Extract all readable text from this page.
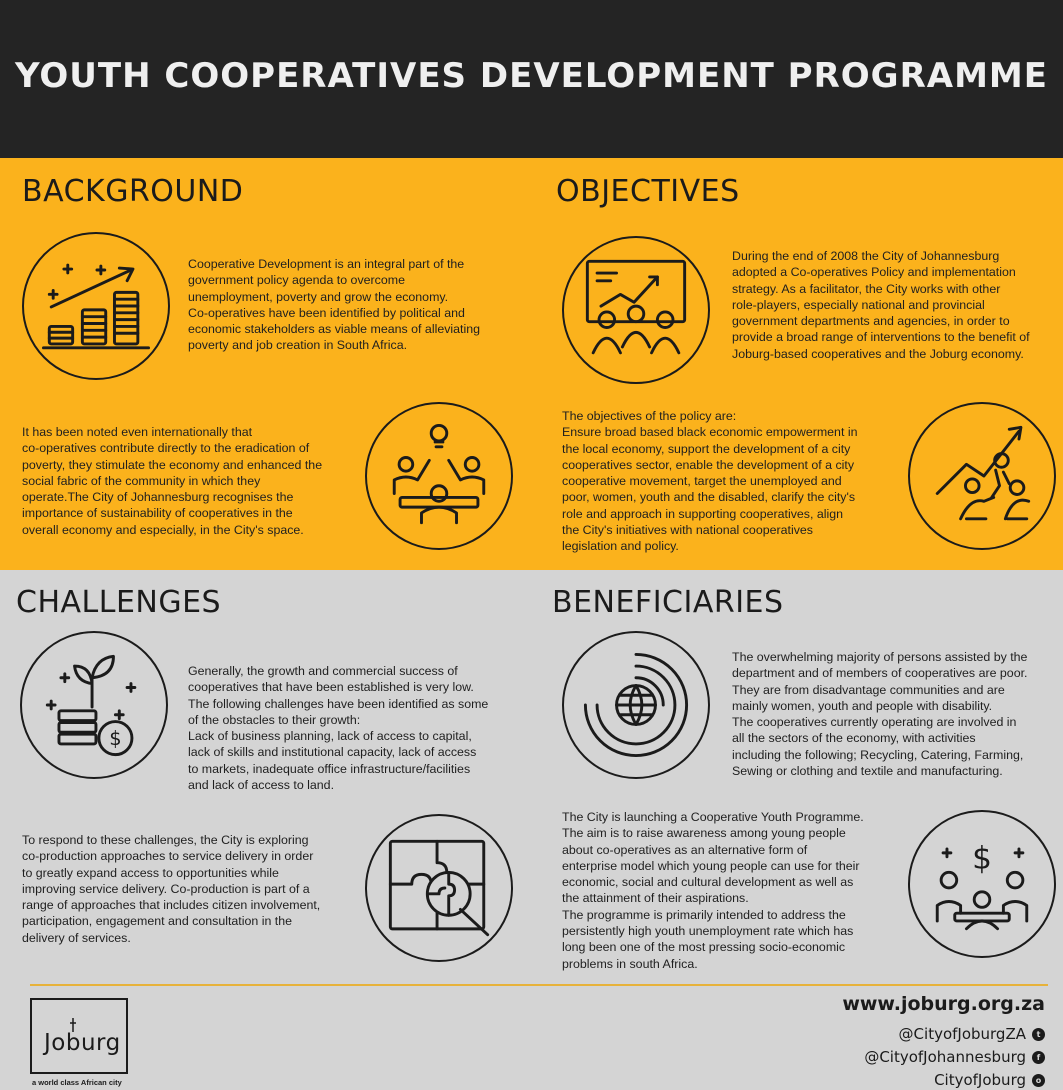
YOUTH COOPERATIVES DEVELOPMENT PROGRAMME
BACKGROUND
Cooperative Development is an integral part of the
government policy agenda to overcome
unemployment, poverty and grow the economy.
Co-operatives have been identified by political and
economic stakeholders as viable means of alleviating
poverty and job creation in South Africa.
It has been noted even internationally that
co-operatives contribute directly to the eradication of
poverty, they stimulate the economy and enhanced the
social fabric of the community in which they
operate.The City of Johannesburg recognises the
importance of sustainability of cooperatives in the
overall economy and especially, in the City's space.
OBJECTIVES
During the end of 2008 the City of Johannesburg
adopted a Co-operatives Policy and implementation
strategy. As a facilitator, the City works with other
role-players, especially national and provincial
government departments and agencies, in order to
provide a broad range of interventions to the benefit of
Joburg-based cooperatives and the Joburg economy.
The objectives of the policy are:
Ensure broad based black economic empowerment in
the local economy, support the development of a city
cooperatives sector, enable the development of a city
cooperative movement, target the unemployed and
poor, women, youth and the disabled, clarify the city's
role and approach in supporting cooperatives, align
the City's initiatives with national cooperatives
legislation and policy.
CHALLENGES
$
Generally, the growth and commercial success of
cooperatives that have been established is very low.
The following challenges have been identified as some
of the obstacles to their growth:
Lack of business planning, lack of access to capital,
lack of skills and institutional capacity, lack of access
to markets, inadequate office infrastructure/facilities
and lack of access to land.
To respond to these challenges, the City is exploring
co-production approaches to service delivery in order
to greatly expand access to opportunities while
improving service delivery. Co-production is part of a
range of approaches that includes citizen involvement,
participation, engagement and consultation in the
delivery of services.
BENEFICIARIES
The overwhelming majority of persons assisted by the
department and of members of cooperatives are poor.
They are from disadvantage communities and are
mainly women, youth and people with disability.
The cooperatives currently operating are involved in
all the sectors of the economy, with activities
including the following; Recycling, Catering, Farming,
Sewing or clothing and textile and manufacturing.
The City is launching a Cooperative Youth Programme.
The aim is to raise awareness among young people
about co-operatives as an alternative form of
enterprise model which young people can use for their
economic, social and cultural development as well as
the attainment of their aspirations.
The programme is primarily intended to address the
persistently high youth unemployment rate which has
long been one of the most pressing socio-economic
problems in south Africa.
$
Joburg
a world class African city
www.joburg.org.za
@CityofJoburgZA	t
@CityofJohannesburg	f
CityofJoburg	o
